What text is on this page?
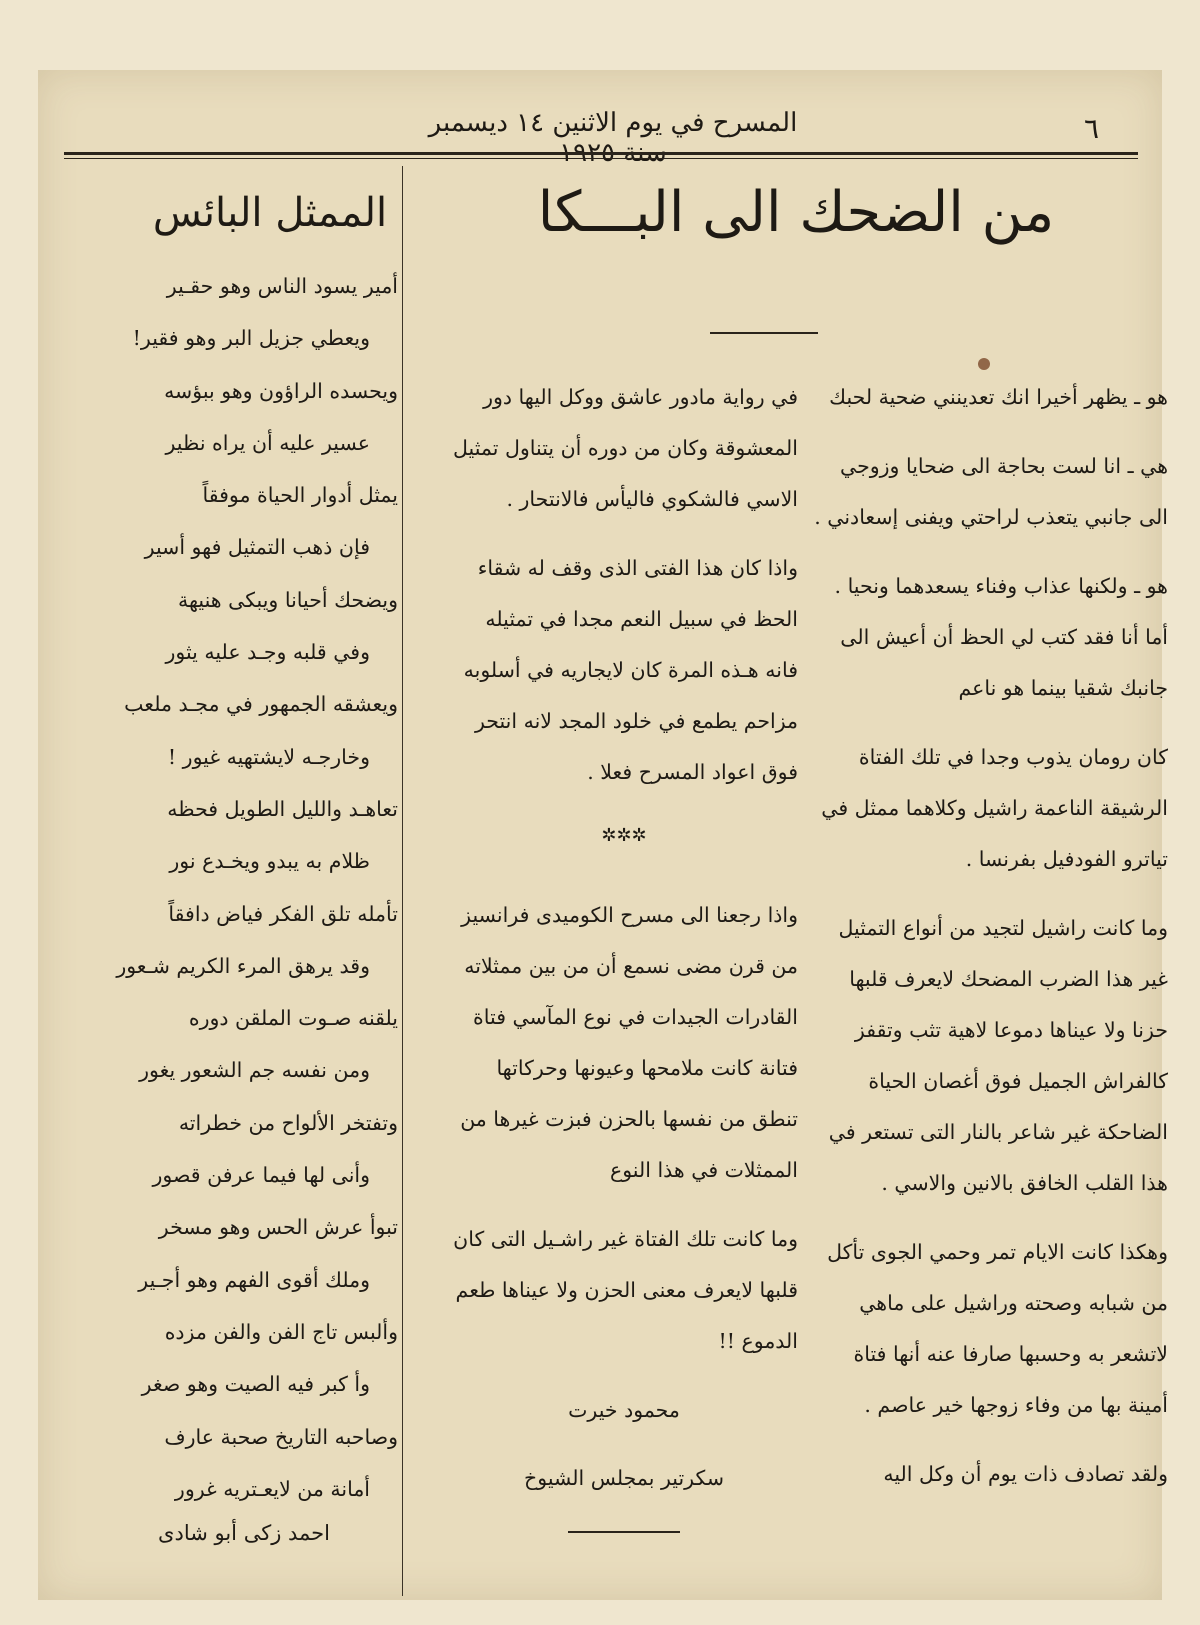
٦
المسرح في يوم الاثنين ١٤ ديسمبر سنة ١٩٢٥
من الضحك الى البـــكا

هو ـ يظهر أخيرا انك تعدينني ضحية لحبك

هي ـ انا لست بحاجة الى ضحايا وزوجي الى جانبي يتعذب لراحتي ويفنى إسعادني .

هو ـ ولكنها عذاب وفناء يسعدهما ونحيا . أما أنا فقد كتب لي الحظ أن أعيش الى جانبك شقيا بينما هو ناعم

كان رومان يذوب وجدا في تلك الفتاة الرشيقة الناعمة راشيل وكلاهما ممثل في تياترو الفودفيل بفرنسا .

وما كانت راشيل لتجيد من أنواع التمثيل غير هذا الضرب المضحك لايعرف قلبها حزنا ولا عيناها دموعا لاهية تثب وتقفز كالفراش الجميل فوق أغصان الحياة الضاحكة غير شاعر بالنار التى تستعر في هذا القلب الخافق بالانين والاسي .

وهكذا كانت الايام تمر وحمي الجوى تأكل من شبابه وصحته وراشيل على ماهي لاتشعر به وحسبها صارفا عنه أنها فتاة أمينة بها من وفاء زوجها خير عاصم .

ولقد تصادف ذات يوم أن وكل اليه

في رواية مادور عاشق ووكل اليها دور المعشوقة وكان من دوره أن يتناول تمثيل الاسي فالشكوي فاليأس فالانتحار .

واذا كان هذا الفتى الذى وقف له شقاء الحظ في سبيل النعم مجدا في تمثيله فانه هـذه المرة كان لايجاريه في أسلوبه مزاحم يطمع في خلود المجد لانه انتحر فوق اعواد المسرح فعلا .

✲✲✲

واذا رجعنا الى مسرح الكوميدى فرانسيز من قرن مضى نسمع أن من بين ممثلاته القادرات الجيدات في نوع المآسي فتاة فتانة كانت ملامحها وعيونها وحركاتها تنطق من نفسها بالحزن فبزت غيرها من الممثلات في هذا النوع

وما كانت تلك الفتاة غير راشـيل التى كان قلبها لايعرف معنى الحزن ولا عيناها طعم الدموع !!

محمود خيرت

سكرتير بمجلس الشيوخ

الممثل البائس
أمير يسود الناس وهو حقـير
ويعطي جزيل البر وهو فقير!
ويحسده الراؤون وهو ببؤسه
عسير عليه أن يراه نظير
يمثل أدوار الحياة موفقاً
فإن ذهب التمثيل فهو أسير
ويضحك أحيانا ويبكى هنيهة
وفي قلبه وجـد عليه يثور
ويعشقه الجمهور في مجـد ملعب
وخارجـه لايشتهيه غيور !
تعاهـد والليل الطويل فحظه
ظلام به يبدو ويخـدع نور
تأمله تلق الفكر فياض دافقاً
وقد يرهق المرء الكريم شـعور
يلقنه صـوت الملقن دوره
ومن نفسه جم الشعور يغور
وتفتخر الألواح من خطراته
وأنى لها فيما عرفن قصور
تبوأ عرش الحس وهو مسخر
وملك أقوى الفهم وهو أجـير
وألبس تاج الفن والفن مزده
وأ كبر فيه الصيت وهو صغر
وصاحبه التاريخ صحبة عارف
أمانة من لايعـتريه غرور
احمد زكى أبو شادى
